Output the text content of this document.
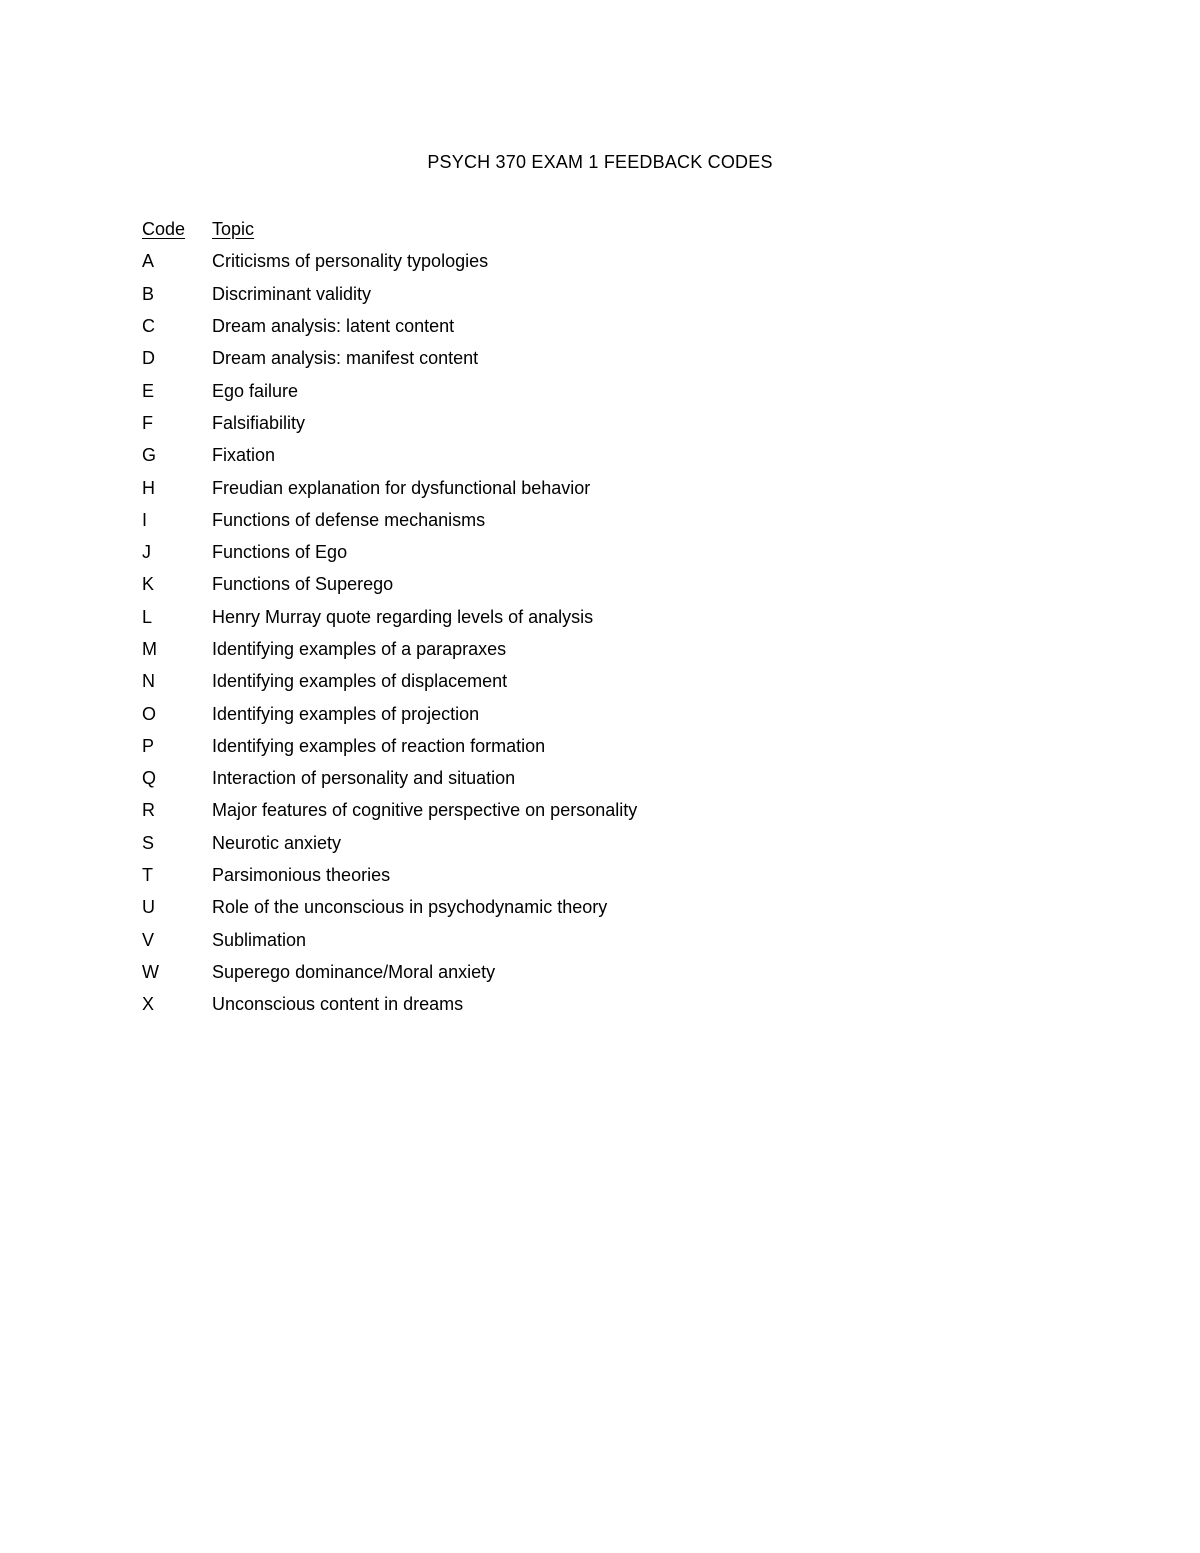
PSYCH 370 EXAM 1 FEEDBACK CODES
Code	Topic
A	Criticisms of personality typologies
B	Discriminant validity
C	Dream analysis: latent content
D	Dream analysis: manifest content
E	Ego failure
F	Falsifiability
G	Fixation
H	Freudian explanation for dysfunctional behavior
I	Functions of defense mechanisms
J	Functions of Ego
K	Functions of Superego
L	Henry Murray quote regarding levels of analysis
M	Identifying examples of a parapraxes
N	Identifying examples of displacement
O	Identifying examples of projection
P	Identifying examples of reaction formation
Q	Interaction of personality and situation
R	Major features of cognitive perspective on personality
S	Neurotic anxiety
T	Parsimonious theories
U	Role of the unconscious in psychodynamic theory
V	Sublimation
W	Superego dominance/Moral anxiety
X	Unconscious content in dreams
